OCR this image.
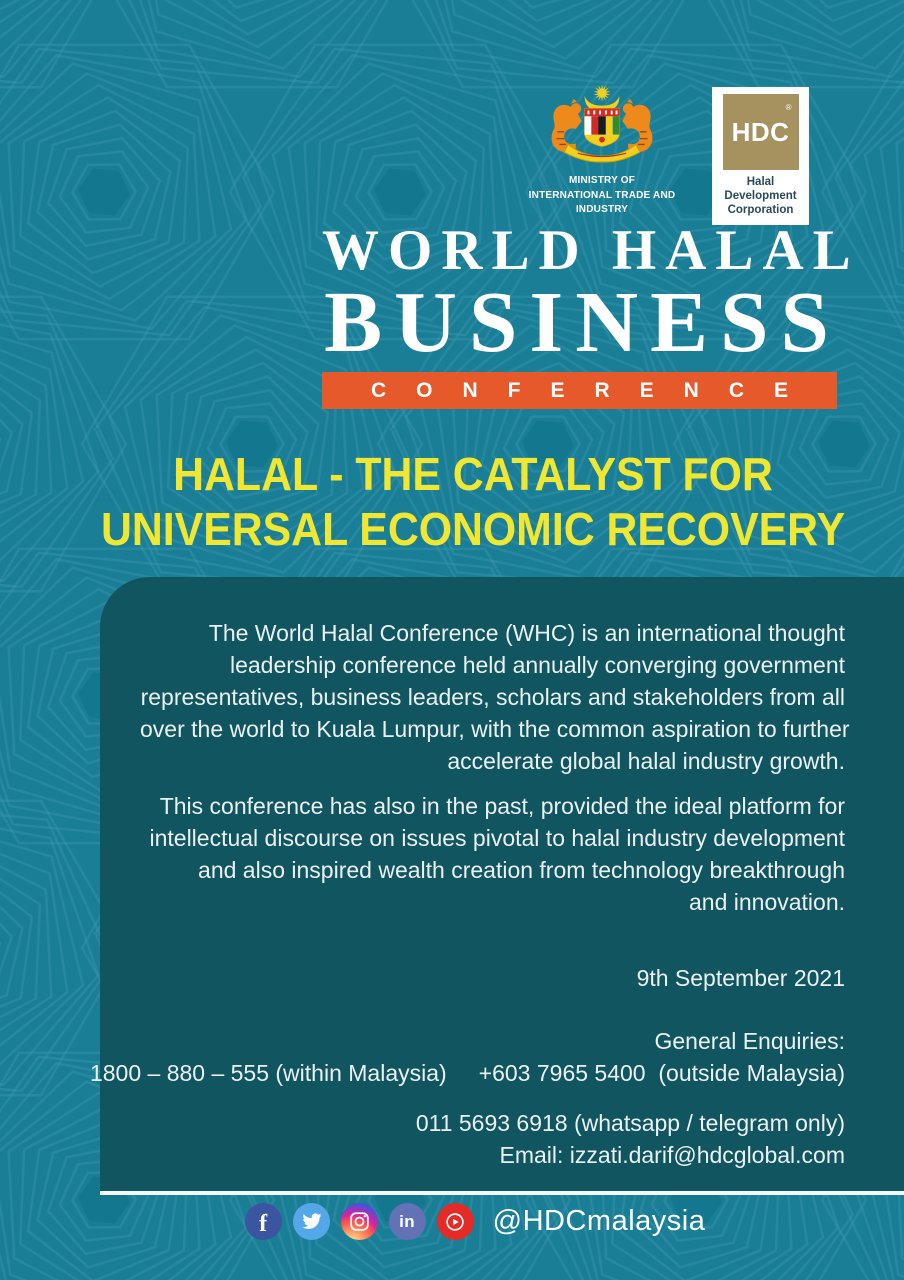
MINISTRY OF
INTERNATIONAL TRADE AND INDUSTRY
HDC
®
Halal Development
Corporation
WORLD HALAL
BUSINESS
CONFERENCE
HALAL - THE CATALYST FOR
UNIVERSAL ECONOMIC RECOVERY
The World Halal Conference (WHC) is an international thought
leadership conference held annually converging government
representatives, business leaders, scholars and stakeholders from all
over the world to Kuala Lumpur, with the common aspiration to further
accelerate global halal industry growth.
This conference has also in the past, provided the ideal platform for
intellectual discourse on issues pivotal to halal industry development
and also inspired wealth creation from technology breakthrough
and innovation.
9th September 2021
General Enquiries:
1800 – 880 – 555 (within Malaysia) +603 7965 5400  (outside Malaysia)
011 5693 6918 (whatsapp / telegram only)
Email: izzati.darif@hdcglobal.com
f	in	@HDCmalaysia
